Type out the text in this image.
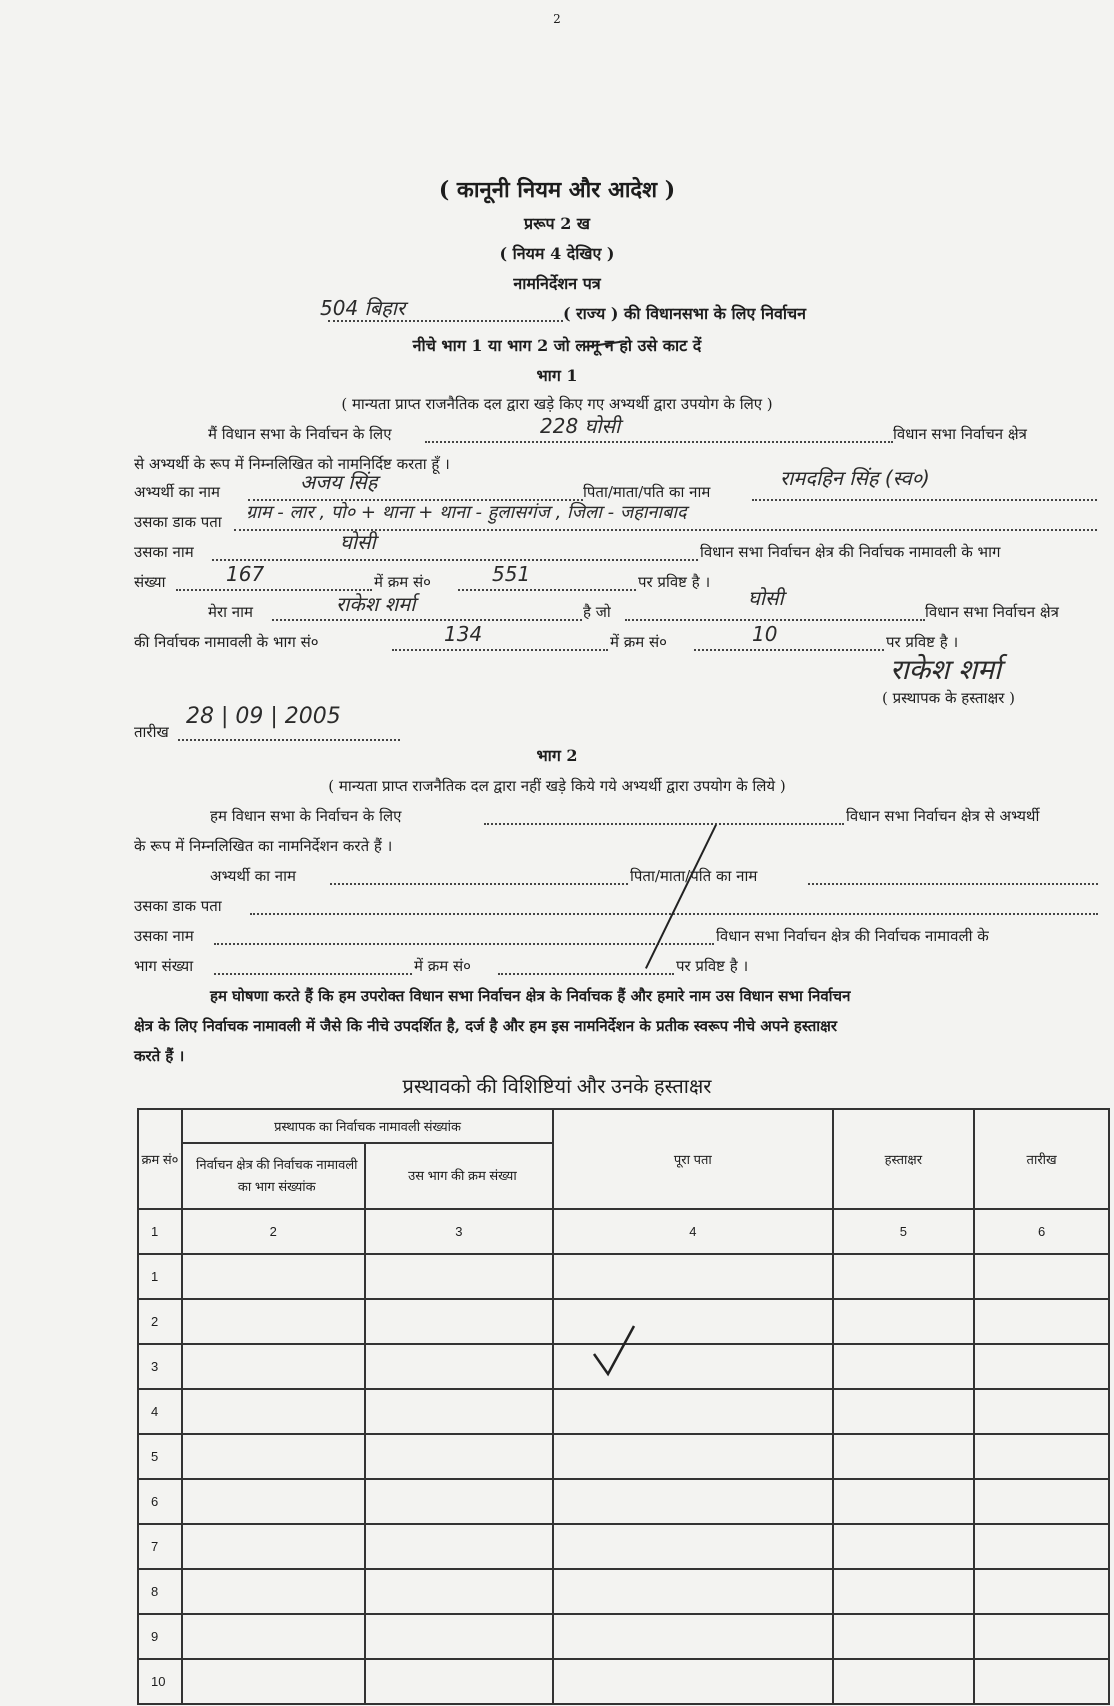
2
( कानूनी नियम और आदेश )
प्ररूप 2 ख
( नियम 4 देखिए )
नामनिर्देशन पत्र
504 बिहार	( राज्य ) की विधानसभा के लिए निर्वाचन
नीचे भाग 1 या भाग 2 जो लागू न हो उसे काट दें
भाग 1
( मान्यता प्राप्त राजनैतिक दल द्वारा खड़े किए गए अभ्यर्थी द्वारा उपयोग के लिए )
मैं विधान सभा के निर्वाचन के लिए	228 घोसी	विधान सभा निर्वाचन क्षेत्र
से अभ्यर्थी के रूप में निम्नलिखित को नामनिर्दिष्ट करता हूँ ।
अभ्यर्थी का नाम	अजय सिंह	पिता/माता/पति का नाम
रामदहिन सिंह (स्व०)
उसका डाक पता ग्राम - लार , पो० + थाना + थाना - हुलासगंज , जिला - जहानाबाद
उसका नाम	घोसी	विधान सभा निर्वाचन क्षेत्र की निर्वाचक नामावली के भाग
संख्या	167	में क्रम सं०	551	पर प्रविष्ट है ।
मेरा नाम	राकेश शर्मा	है जो
घोसी
विधान सभा निर्वाचन क्षेत्र
की निर्वाचक नामावली के भाग सं०	134	में क्रम सं०	10	पर प्रविष्ट है ।
राकेश शर्मा
( प्रस्थापक के हस्ताक्षर )
तारीख
28 | 09 | 2005
भाग 2
( मान्यता प्राप्त राजनैतिक दल द्वारा नहीं खड़े किये गये अभ्यर्थी द्वारा उपयोग के लिये )
हम विधान सभा के निर्वाचन के लिए	विधान सभा निर्वाचन क्षेत्र से अभ्यर्थी
के रूप में निम्नलिखित का नामनिर्देशन करते हैं ।
अभ्यर्थी का नाम	पिता/माता/पति का नाम
उसका डाक पता
उसका नाम	विधान सभा निर्वाचन क्षेत्र की निर्वाचक नामावली के
भाग संख्या	में क्रम सं०	पर प्रविष्ट है ।
हम घोषणा करते हैं कि हम उपरोक्त विधान सभा निर्वाचन क्षेत्र के निर्वाचक हैं और हमारे नाम उस विधान सभा निर्वाचन
क्षेत्र के लिए निर्वाचक नामावली में जैसे कि नीचे उपदर्शित है, दर्ज है और हम इस नामनिर्देशन के प्रतीक स्वरूप नीचे अपने हस्ताक्षर
करते हैं ।
प्रस्थावको की विशिष्टियां और उनके हस्ताक्षर
क्रम सं०	प्रस्थापक का निर्वाचक नामावली संख्यांक		पूरा पता	हस्ताक्षर	तारीख
	निर्वाचन क्षेत्र की निर्वाचक नामावली का भाग संख्यांक	उस भाग की क्रम संख्या			
1	2	3	4	5	6
1					
2					
3					
4					
5					
6					
7					
8					
9					
10					
